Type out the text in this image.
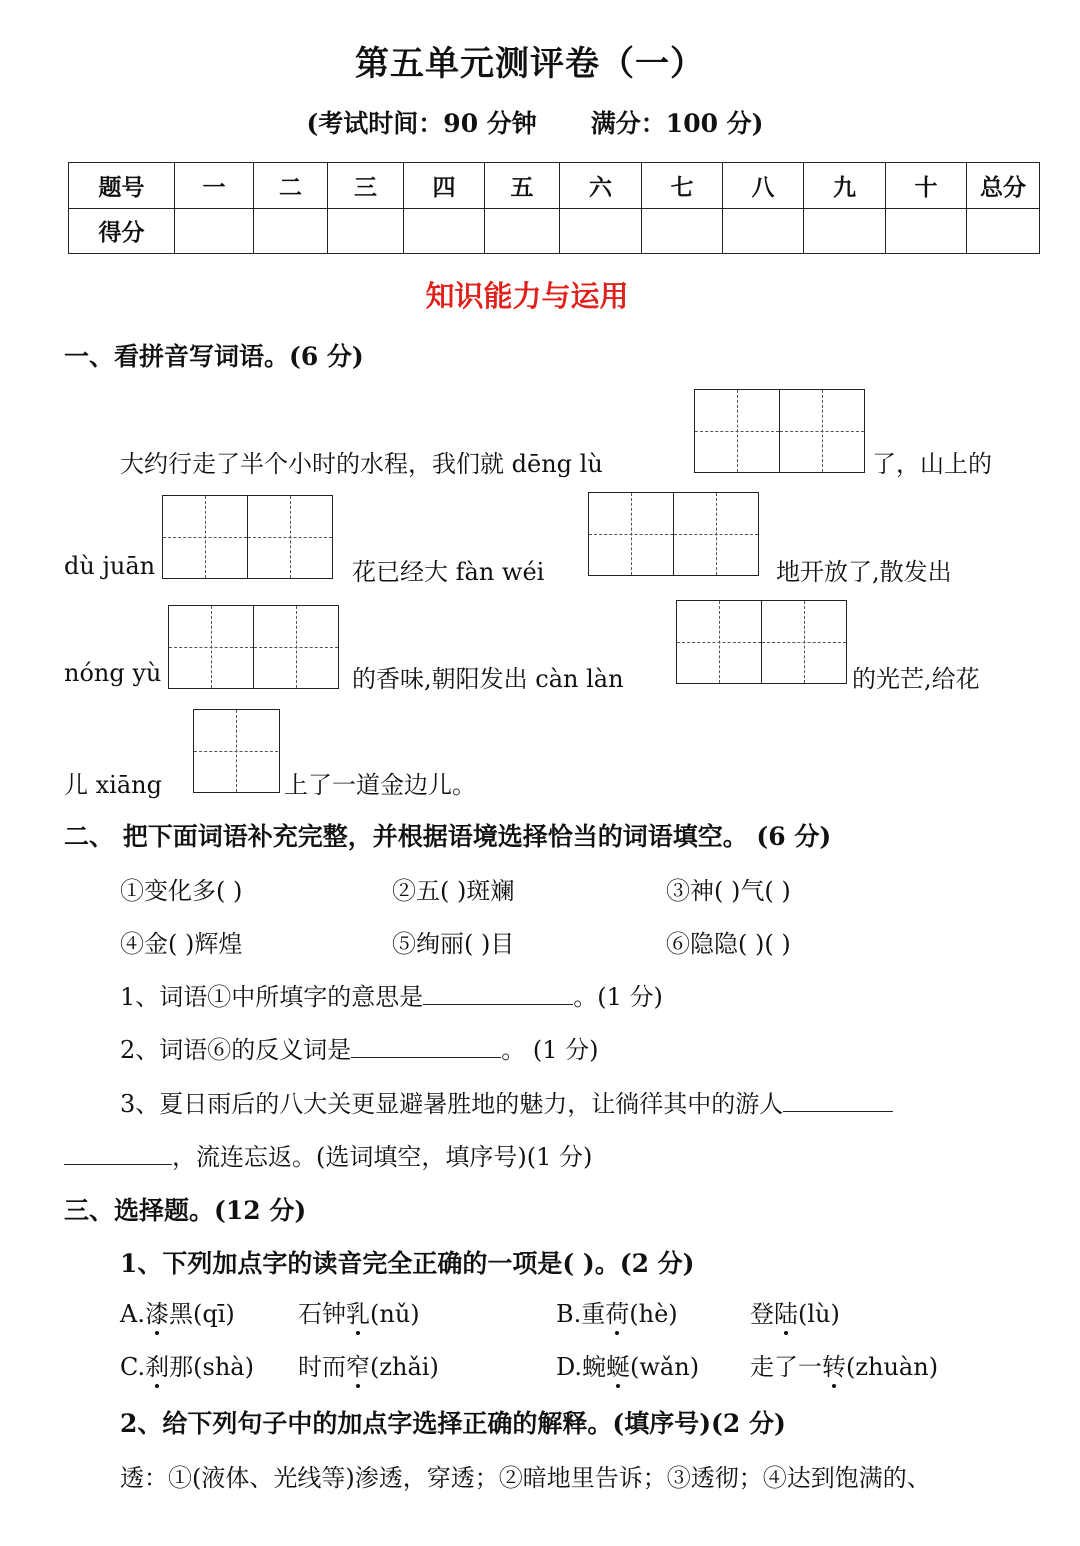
第五单元测评卷（一）
(考试时间：90 分钟 满分：100 分)
题号	一	二	三	四	五	六	七	八	九	十	总分
得分											
知识能力与运用
一、看拼音写词语。(6 分)
大约行走了半个小时的水程，我们就 dēng lù	了，山上的
dù juān	花已经大 fàn wéi	地开放了,散发出
nóng yù	的香味,朝阳发出 càn làn	的光芒,给花
儿 xiāng	上了一道金边儿。
二、 把下面词语补充完整，并根据语境选择恰当的词语填空。 (6 分)
①变化多( )	②五( )斑斓	③神( )气( )
④金( )辉煌	⑤绚丽( )目	⑥隐隐( )( )
1、词语①中所填字的意思是	。(1 分)
2、词语⑥的反义词是	。 (1 分)
3、夏日雨后的八大关更显避暑胜地的魅力，让徜徉其中的游人
，流连忘返。(选词填空，填序号)(1 分)
三、选择题。(12 分)
1、下列加点字的读音完全正确的一项是( )。(2 分)
A.漆黑(qī)	石钟乳(nǔ)	B.重荷(hè)	登陆(lù)
C.刹那(shà) 时而窄(zhǎi)	D.蜿蜒(wǎn) 走了一转(zhuàn)
2、给下列句子中的加点字选择正确的解释。(填序号)(2 分)
透：①(液体、光线等)渗透，穿透；②暗地里告诉；③透彻；④达到饱满的、
